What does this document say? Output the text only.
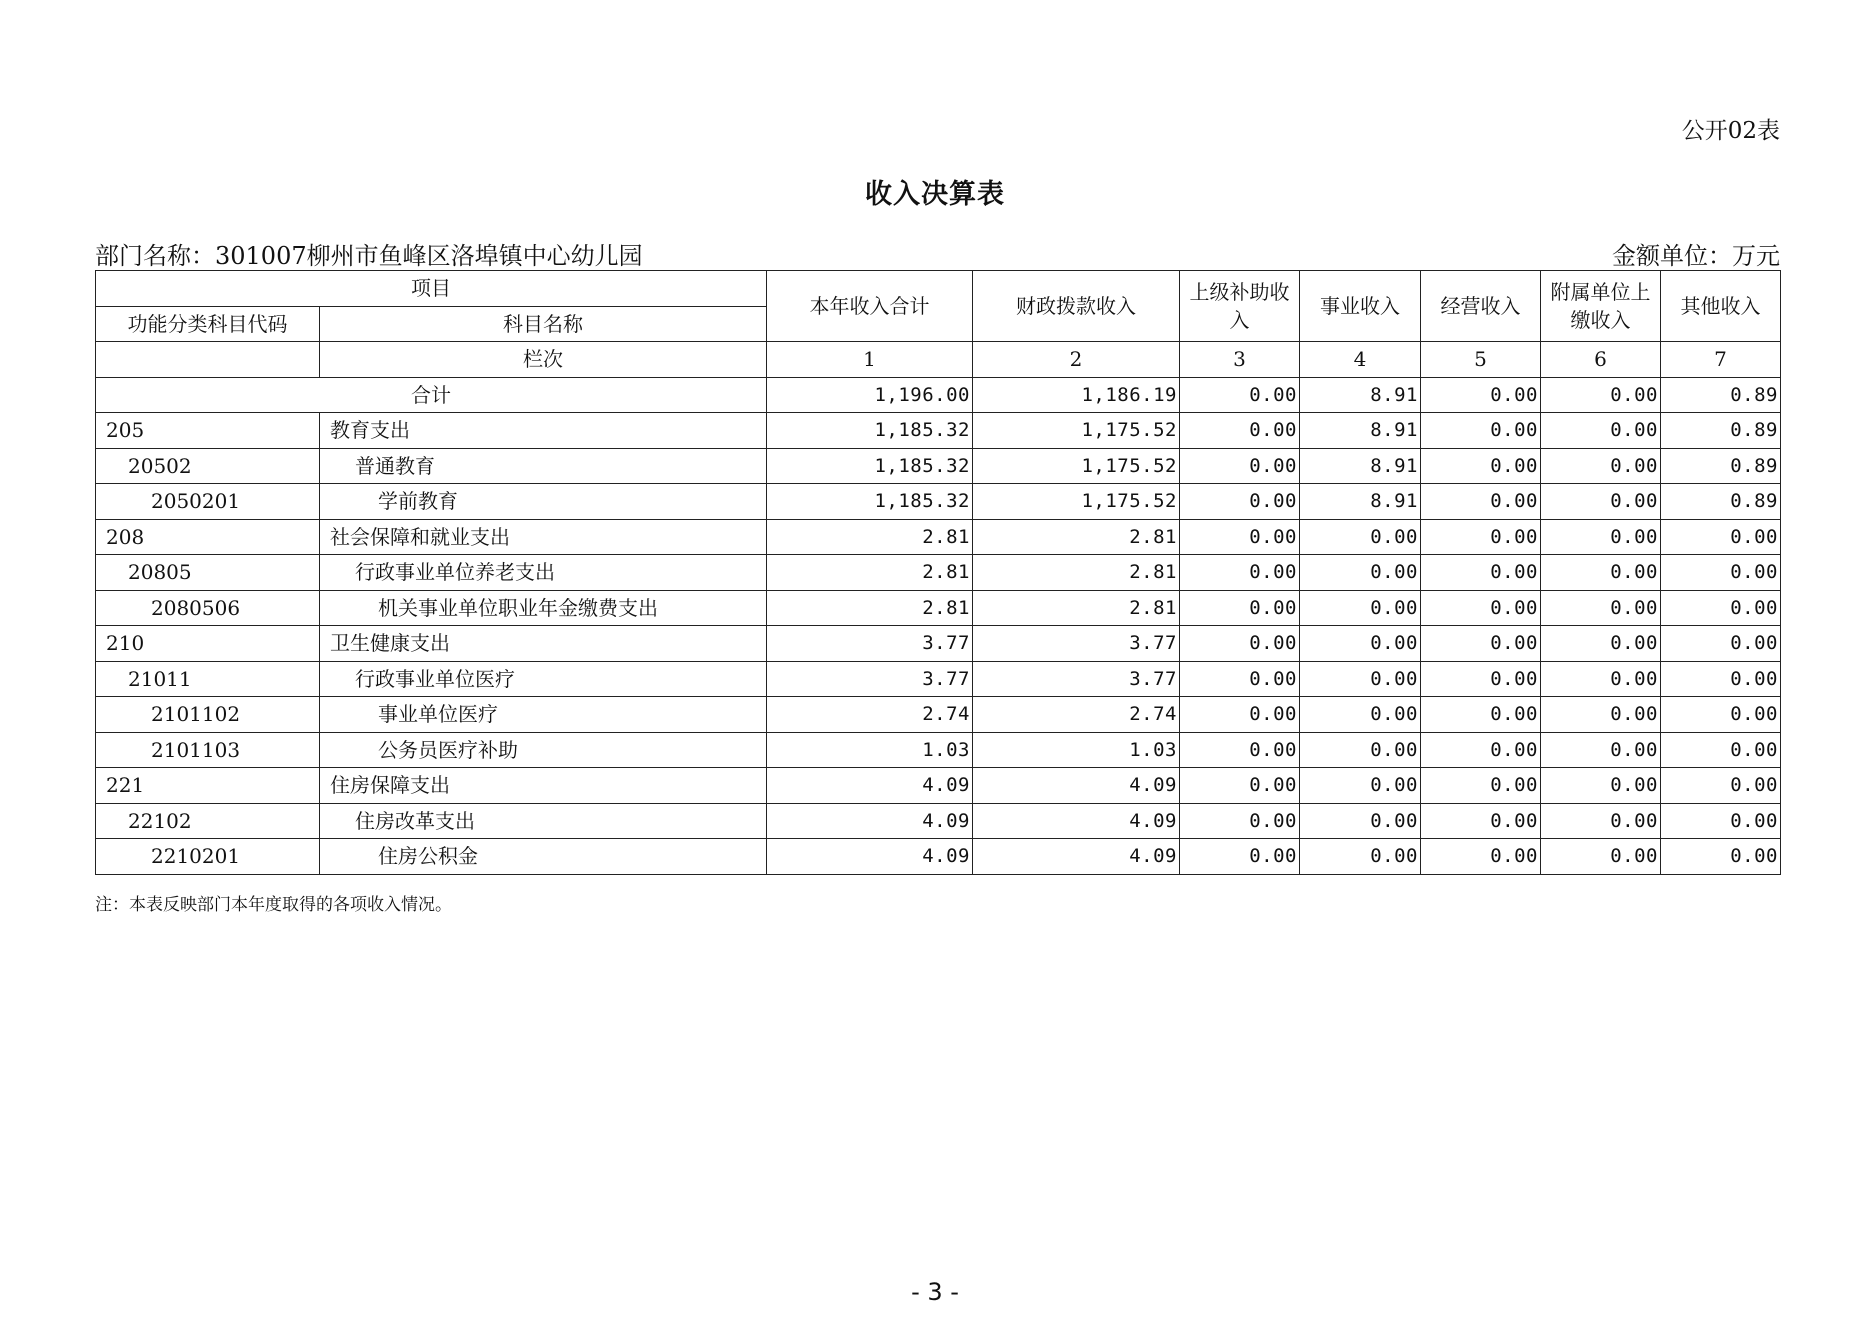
公开02表
收入决算表
部门名称：301007柳州市鱼峰区洛埠镇中心幼儿园	金额单位：万元
项目		本年收入合计	财政拨款收入	上级补助收入	事业收入	经营收入	附属单位上缴收入	其他收入
功能分类科目代码	科目名称							
	栏次	1	2	3	4	5	6	7
合计		1,196.00	1,186.19	0.00	8.91	0.00	0.00	0.89
205	教育支出	1,185.32	1,175.52	0.00	8.91	0.00	0.00	0.89
20502	普通教育	1,185.32	1,175.52	0.00	8.91	0.00	0.00	0.89
2050201	学前教育	1,185.32	1,175.52	0.00	8.91	0.00	0.00	0.89
208	社会保障和就业支出	2.81	2.81	0.00	0.00	0.00	0.00	0.00
20805	行政事业单位养老支出	2.81	2.81	0.00	0.00	0.00	0.00	0.00
2080506	机关事业单位职业年金缴费支出	2.81	2.81	0.00	0.00	0.00	0.00	0.00
210	卫生健康支出	3.77	3.77	0.00	0.00	0.00	0.00	0.00
21011	行政事业单位医疗	3.77	3.77	0.00	0.00	0.00	0.00	0.00
2101102	事业单位医疗	2.74	2.74	0.00	0.00	0.00	0.00	0.00
2101103	公务员医疗补助	1.03	1.03	0.00	0.00	0.00	0.00	0.00
221	住房保障支出	4.09	4.09	0.00	0.00	0.00	0.00	0.00
22102	住房改革支出	4.09	4.09	0.00	0.00	0.00	0.00	0.00
2210201	住房公积金	4.09	4.09	0.00	0.00	0.00	0.00	0.00
注：本表反映部门本年度取得的各项收入情况。
- 3 -
